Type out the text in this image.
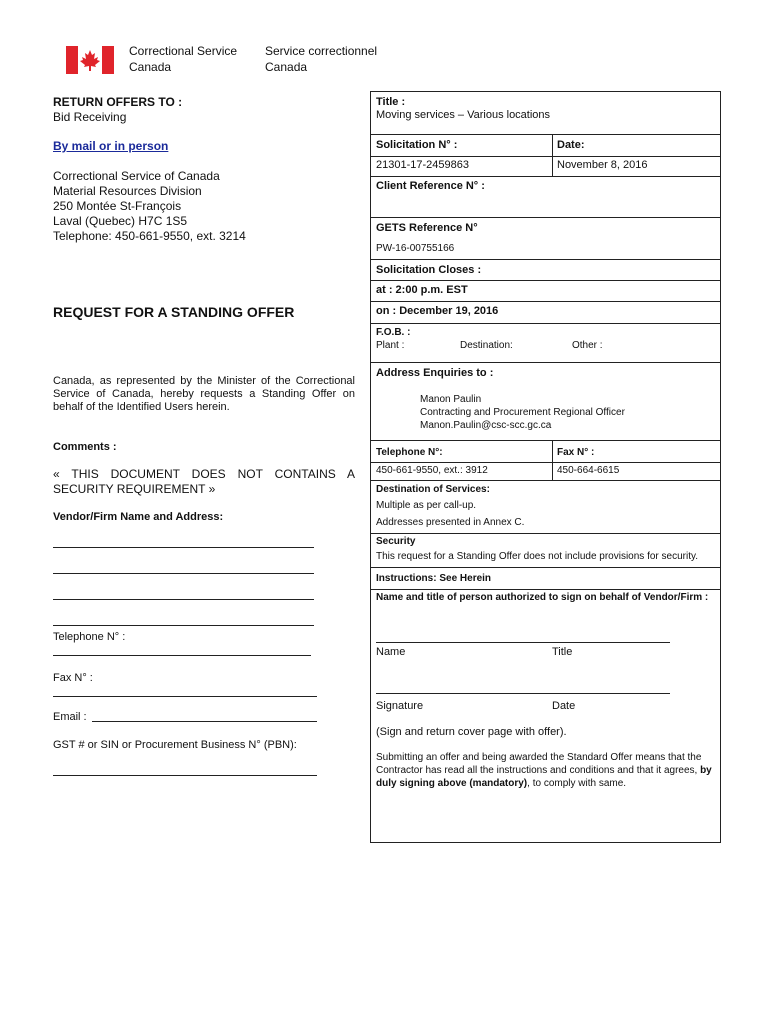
Correctional Service
Canada
Service correctionnel
Canada
RETURN OFFERS TO :
Bid Receiving
By mail or in person
Correctional Service of Canada
Material Resources Division
250 Montée St-François
Laval (Quebec) H7C 1S5
Telephone: 450-661-9550, ext. 3214
REQUEST FOR A STANDING OFFER
Canada, as represented by the Minister of the Correctional Service of Canada, hereby requests a Standing Offer on behalf of the Identified Users herein.
Comments :
« THIS DOCUMENT DOES NOT CONTAINS A SECURITY REQUIREMENT »
Vendor/Firm Name and Address:
Telephone N° :
Fax N° :
Email :
GST # or SIN or Procurement Business N° (PBN):
Title :
Moving services – Various locations
Solicitation N° :	Date:
21301-17-2459863	November 8, 2016
Client Reference N° :
GETS Reference N°
PW-16-00755166
Solicitation Closes :
at : 2:00 p.m. EST
on : December 19, 2016
F.O.B. :
Plant :	Destination:	Other :
Address Enquiries to :
Manon Paulin
Contracting and Procurement Regional Officer
Manon.Paulin@csc-scc.gc.ca
Telephone N°:	Fax N° :
450-661-9550, ext.: 3912	450-664-6615
Destination of Services:
Multiple as per call-up.
Addresses presented in Annex C.
Security
This request for a Standing Offer does not include provisions for security.
Instructions: See Herein
Name and title of person authorized to sign on behalf of Vendor/Firm :
Name	Title
Signature	Date
(Sign and return cover page with offer).
Submitting an offer and being awarded the Standard Offer means that the Contractor has read all the instructions and conditions and that it agrees, by duly signing above (mandatory), to comply with same.
